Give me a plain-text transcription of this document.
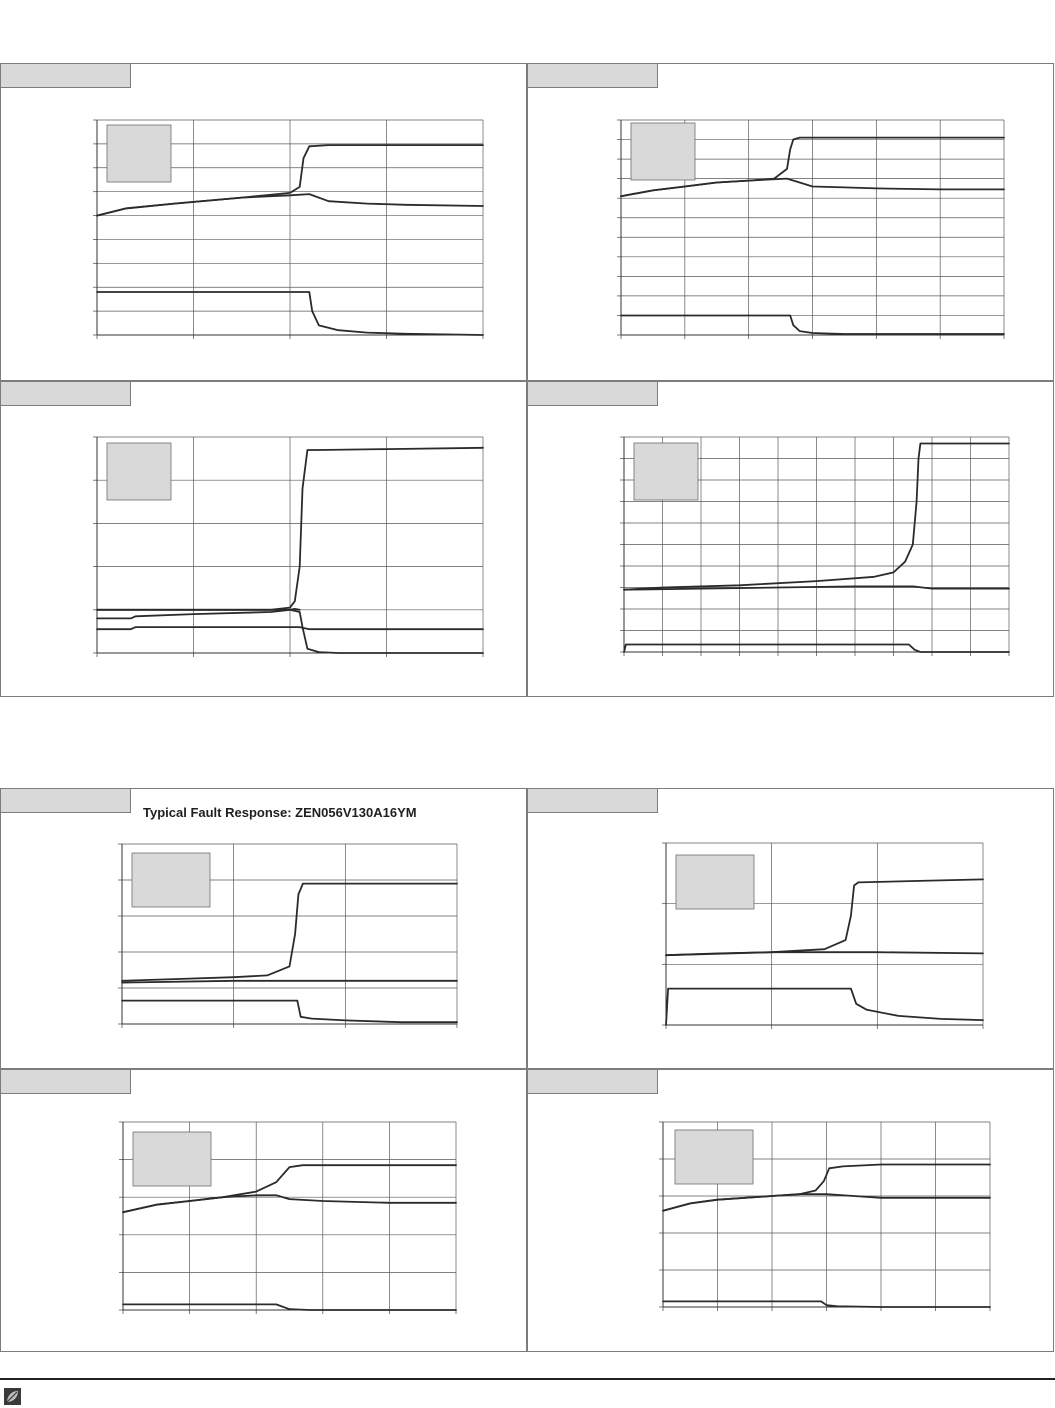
Typical Fault Response: ZEN056V130A16YM
